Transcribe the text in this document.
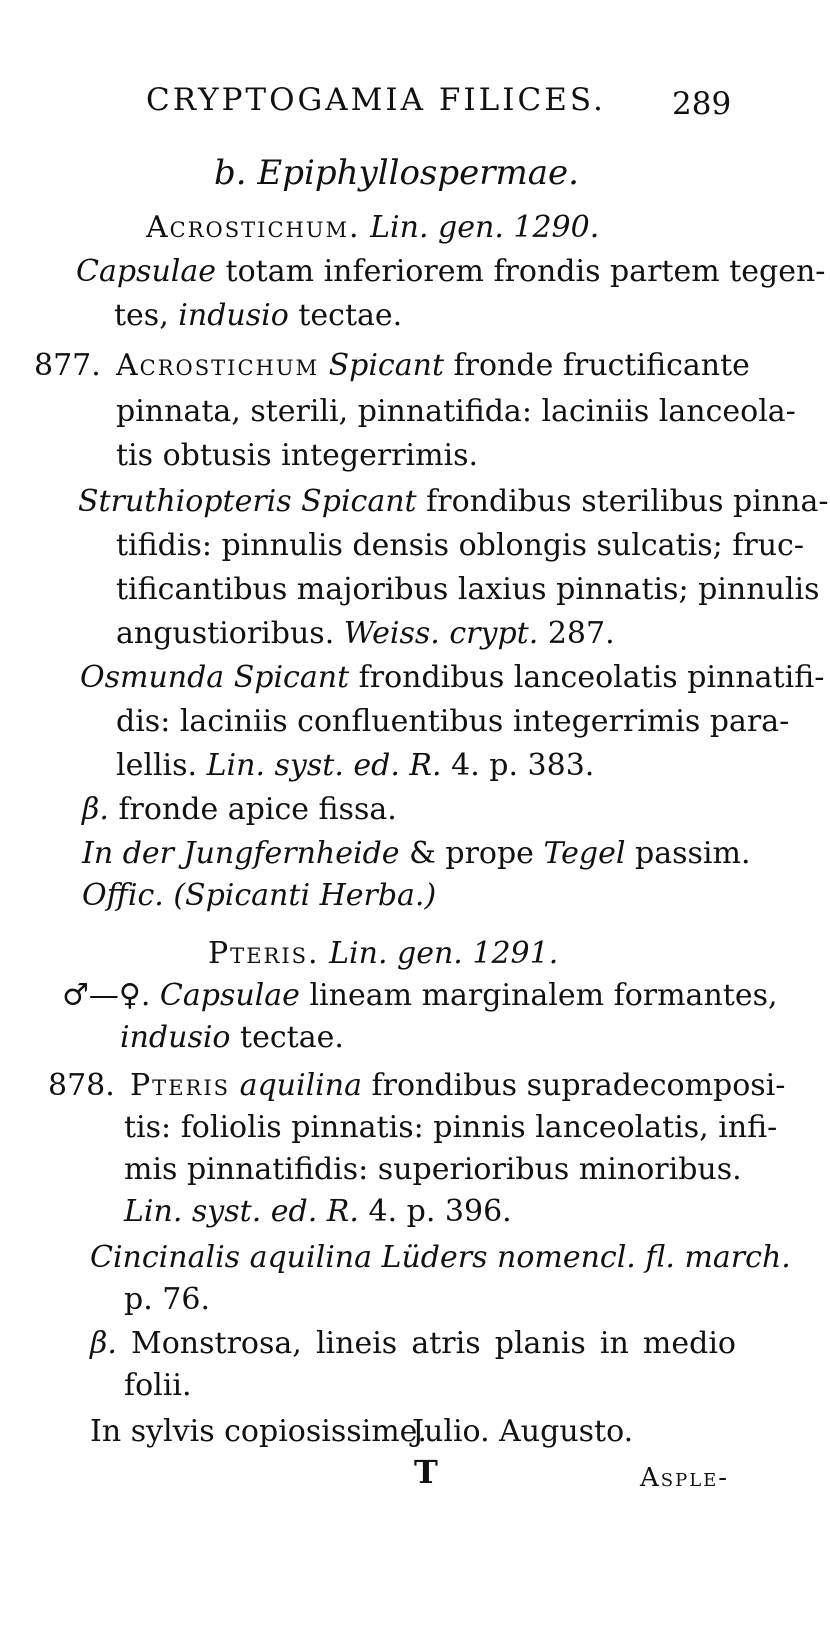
CRYPTOGAMIA FILICES. 289
b. Epiphyllospermae.
Acrostichum. Lin. gen. 1290.
Capsulae totam inferiorem frondis partem tegen-
tes, indusio tectae.
877. Acrostichum Spicant fronde fructificante
pinnata, sterili, pinnatifida: laciniis lanceola-
tis obtusis integerrimis.
Struthiopteris Spicant frondibus sterilibus pinna-
tifidis: pinnulis densis oblongis sulcatis; fruc-
tificantibus majoribus laxius pinnatis; pinnulis
angustioribus. Weiss. crypt. 287.
Osmunda Spicant frondibus lanceolatis pinnatifi-
dis: laciniis confluentibus integerrimis para-
lellis. Lin. syst. ed. R. 4. p. 383.
β. fronde apice fissa.
In der Jungfernheide & prope Tegel passim.
Offic. (Spicanti Herba.)
Pteris. Lin. gen. 1291.
♂—♀. Capsulae lineam marginalem formantes,
indusio tectae.
878. Pteris aquilina frondibus supradecomposi-
tis: foliolis pinnatis: pinnis lanceolatis, infi-
mis pinnatifidis: superioribus minoribus.
Lin. syst. ed. R. 4. p. 396.
Cincinalis aquilina Lüders nomencl. fl. march.
p. 76.
β. Monstrosa, lineis atris planis in medio
folii.
In sylvis copiosissime.
Julio. Augusto.
T	Asple-
